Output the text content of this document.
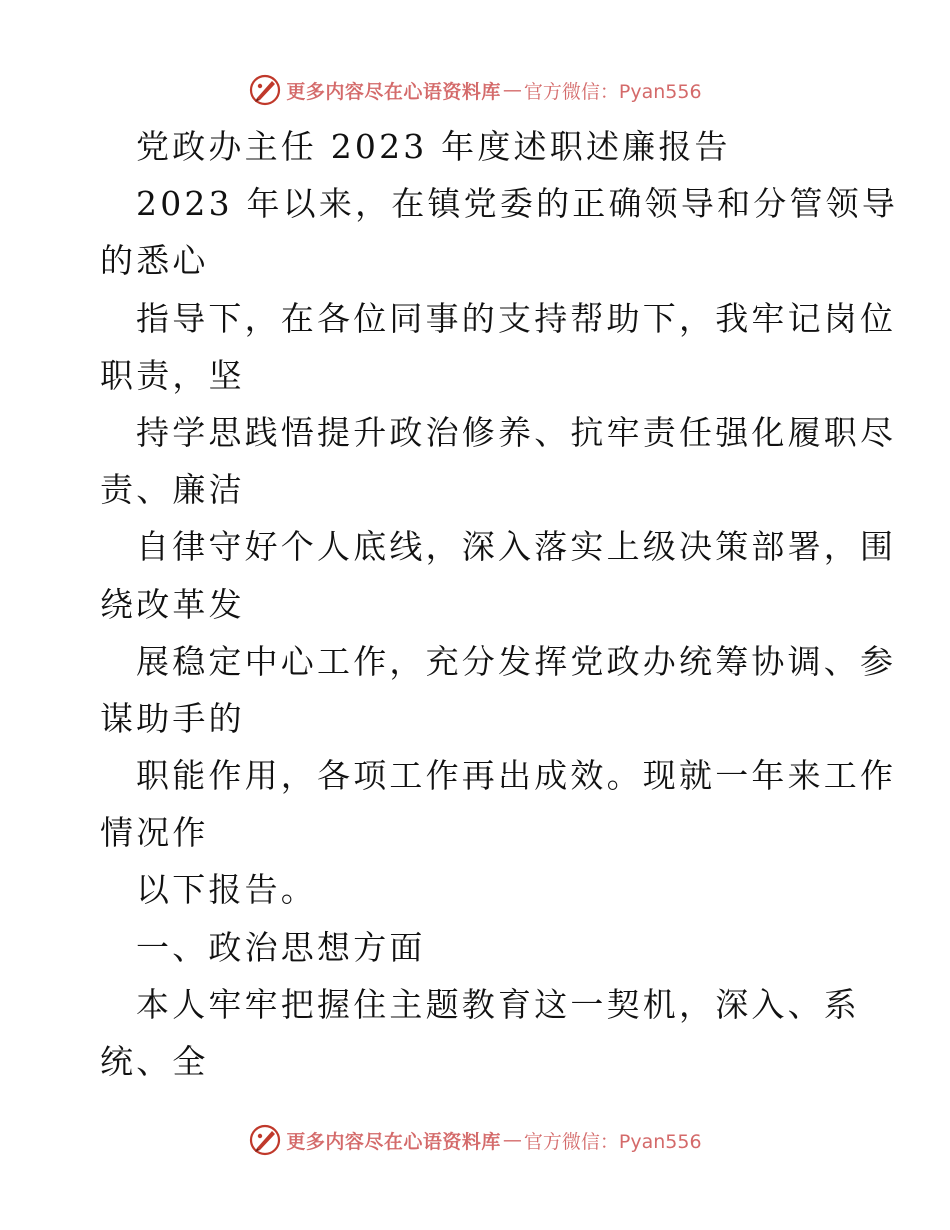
更多内容尽在心语资料库 — 官方微信：Pyan556
党政办主任 2023 年度述职述廉报告
2023 年以来，在镇党委的正确领导和分管领导
的悉心
指导下，在各位同事的支持帮助下，我牢记岗位
职责，坚
持学思践悟提升政治修养、抗牢责任强化履职尽
责、廉洁
自律守好个人底线，深入落实上级决策部署，围
绕改革发
展稳定中心工作，充分发挥党政办统筹协调、参
谋助手的
职能作用，各项工作再出成效。现就一年来工作
情况作
以下报告。
一、政治思想方面
本人牢牢把握住主题教育这一契机，深入、系
统、全
更多内容尽在心语资料库 — 官方微信：Pyan556
